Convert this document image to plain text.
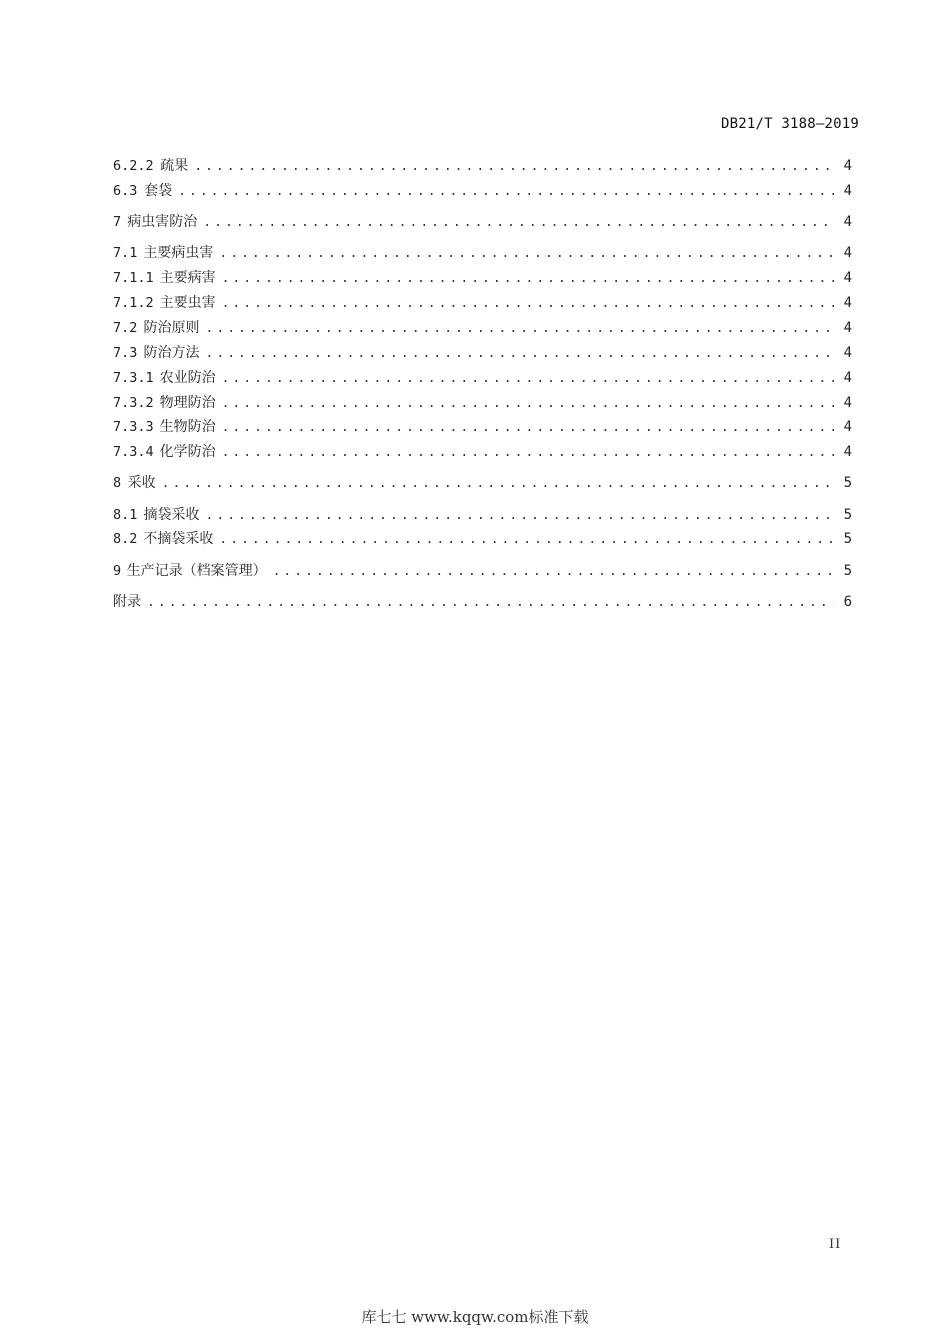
DB21/T 3188—2019
6.2.2 疏果 . . .	4
6.3 套袋 . . .	4
7 病虫害防治 . . .	4
7.1 主要病虫害 . . .	4
7.1.1 主要病害 . . .	4
7.1.2 主要虫害 . . .	4
7.2 防治原则 . . .	4
7.3 防治方法 . . .	4
7.3.1 农业防治 . . .	4
7.3.2 物理防治 . . .	4
7.3.3 生物防治 . . .	4
7.3.4 化学防治 . . .	4
8 采收 . . .	5
8.1 摘袋采收 . . .	5
8.2 不摘袋采收 . . .	5
9 生产记录（档案管理） . . .	5
附录 . . .	6
II
库七七 www.kqqw.com标准下载
